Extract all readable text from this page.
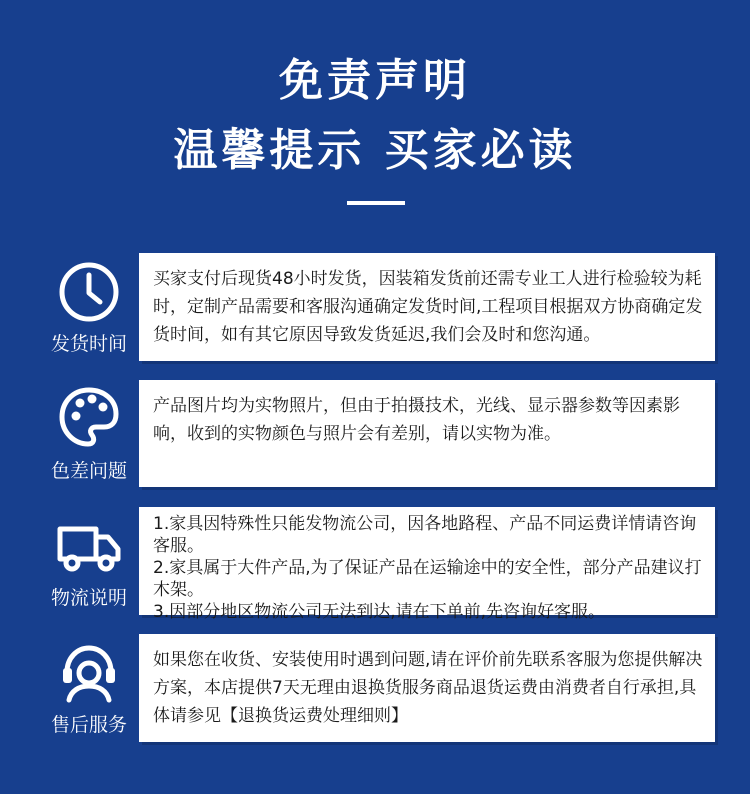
免责声明
温馨提示 买家必读
发货时间

买家支付后现货48小时发货，因装箱发货前还需专业工人进行检验较为耗时，定制产品需要和客服沟通确定发货时间,工程项目根据双方协商确定发货时间，如有其它原因导致发货延迟,我们会及时和您沟通。

色差问题

产品图片均为实物照片，但由于拍摄技术，光线、显示器参数等因素影响，收到的实物颜色与照片会有差别，请以实物为准。

物流说明

1.家具因特殊性只能发物流公司，因各地路程、产品不同运费详情请咨询客服。

2.家具属于大件产品,为了保证产品在运输途中的安全性，部分产品建议打木架。

3.因部分地区物流公司无法到达,请在下单前,先咨询好客服。

售后服务

如果您在收货、安装使用时遇到问题,请在评价前先联系客服为您提供解决方案，本店提供7天无理由退换货服务商品退货运费由消费者自行承担,具体请参见【退换货运费处理细则】
